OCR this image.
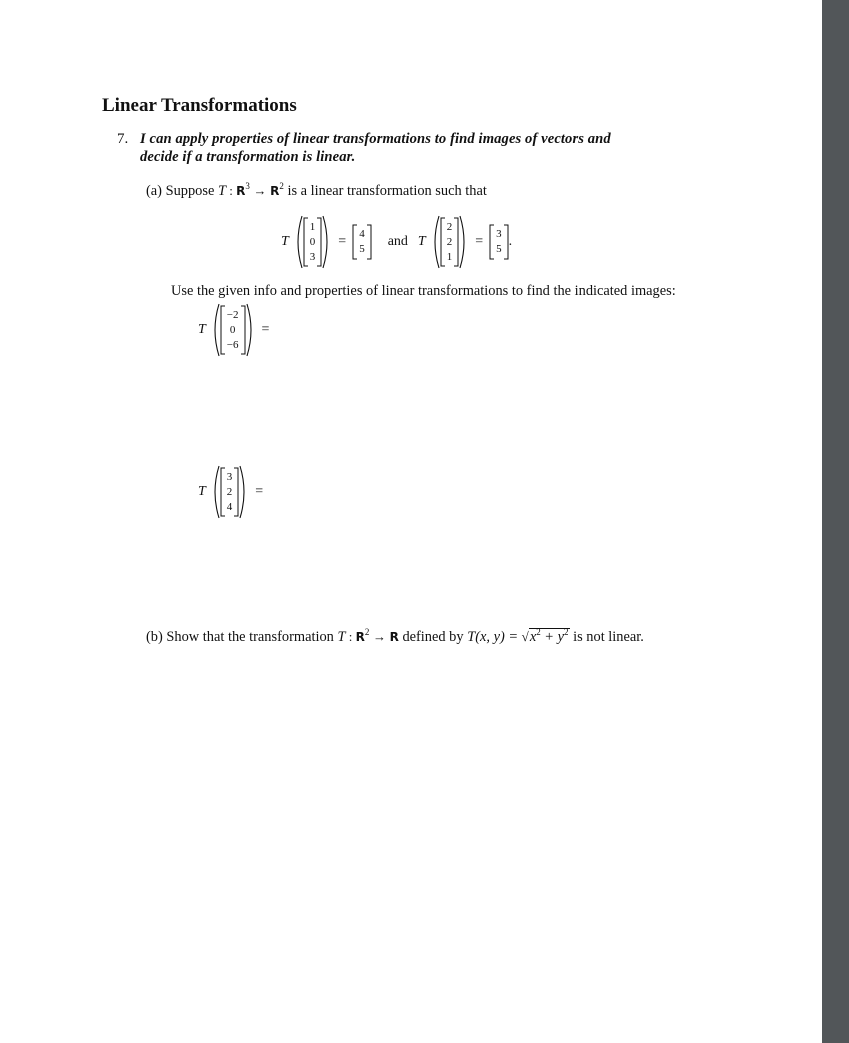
Linear Transformations
7. I can apply properties of linear transformations to find images of vectors and
decide if a transformation is linear.
(a) Suppose T : $R^3 \to R^2$ is a linear transformation such that
T
1
0
3
= 4
5 and T
2
2
1
= 3
5 .
Use the given info and properties of linear transformations to find the indicated images:
T
−2
0
−6
=
T
3
2
4
=
(b) Show that the transformation T : $R^2 \to R$ defined by T(x, $y) = √x^2 + y^2$ is not linear.
